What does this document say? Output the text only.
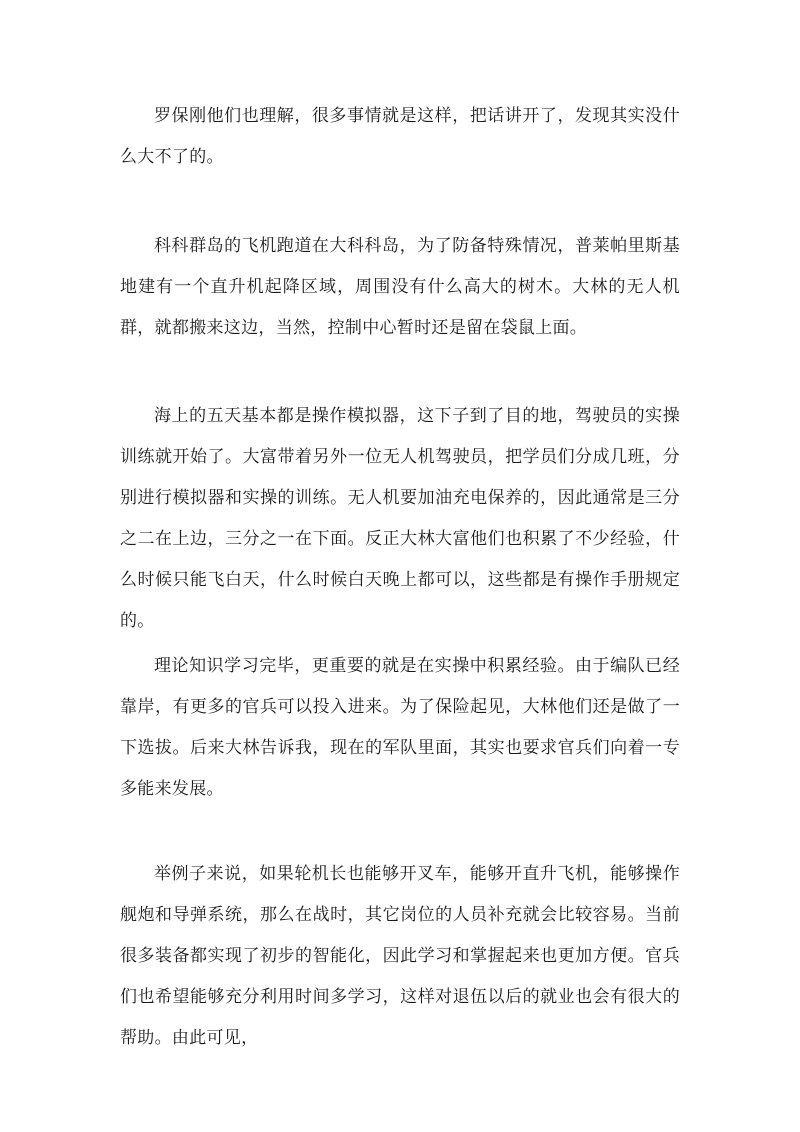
罗保刚他们也理解，很多事情就是这样，把话讲开了，发现其实没什么大不了的。

科科群岛的飞机跑道在大科科岛，为了防备特殊情况，普莱帕里斯基地建有一个直升机起降区域，周围没有什么高大的树木。大林的无人机群，就都搬来这边，当然，控制中心暂时还是留在袋鼠上面。

海上的五天基本都是操作模拟器，这下子到了目的地，驾驶员的实操训练就开始了。大富带着另外一位无人机驾驶员，把学员们分成几班，分别进行模拟器和实操的训练。无人机要加油充电保养的，因此通常是三分之二在上边，三分之一在下面。反正大林大富他们也积累了不少经验，什么时候只能飞白天，什么时候白天晚上都可以，这些都是有操作手册规定的。

理论知识学习完毕，更重要的就是在实操中积累经验。由于编队已经靠岸，有更多的官兵可以投入进来。为了保险起见，大林他们还是做了一下选拔。后来大林告诉我，现在的军队里面，其实也要求官兵们向着一专多能来发展。

举例子来说，如果轮机长也能够开叉车，能够开直升飞机，能够操作舰炮和导弹系统，那么在战时，其它岗位的人员补充就会比较容易。当前很多装备都实现了初步的智能化，因此学习和掌握起来也更加方便。官兵们也希望能够充分利用时间多学习，这样对退伍以后的就业也会有很大的帮助。由此可见，
